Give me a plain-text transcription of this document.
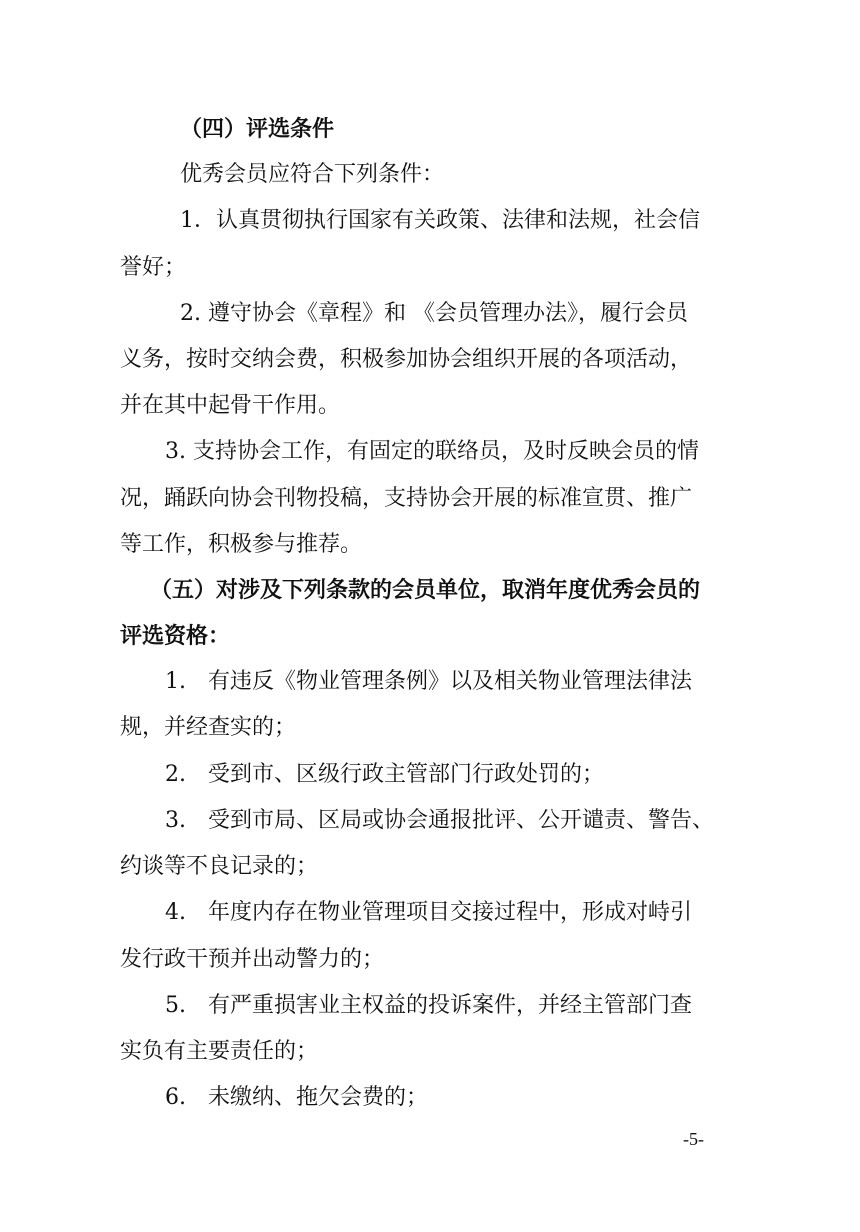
（四）评选条件

优秀会员应符合下列条件：

1．认真贯彻执行国家有关政策、法律和法规，社会信

誉好；

2. 遵守协会《章程》和 《会员管理办法》，履行会员

义务，按时交纳会费，积极参加协会组织开展的各项活动，

并在其中起骨干作用。

3. 支持协会工作，有固定的联络员，及时反映会员的情

况，踊跃向协会刊物投稿，支持协会开展的标准宣贯、推广

等工作，积极参与推荐。

（五）对涉及下列条款的会员单位，取消年度优秀会员的

评选资格：

1.　有违反《物业管理条例》以及相关物业管理法律法

规，并经查实的；

2.　受到市、区级行政主管部门行政处罚的；

3.　受到市局、区局或协会通报批评、公开谴责、警告、

约谈等不良记录的；

4.　年度内存在物业管理项目交接过程中，形成对峙引

发行政干预并出动警力的；

5.　有严重损害业主权益的投诉案件，并经主管部门查

实负有主要责任的；

6.　未缴纳、拖欠会费的；

-5-
